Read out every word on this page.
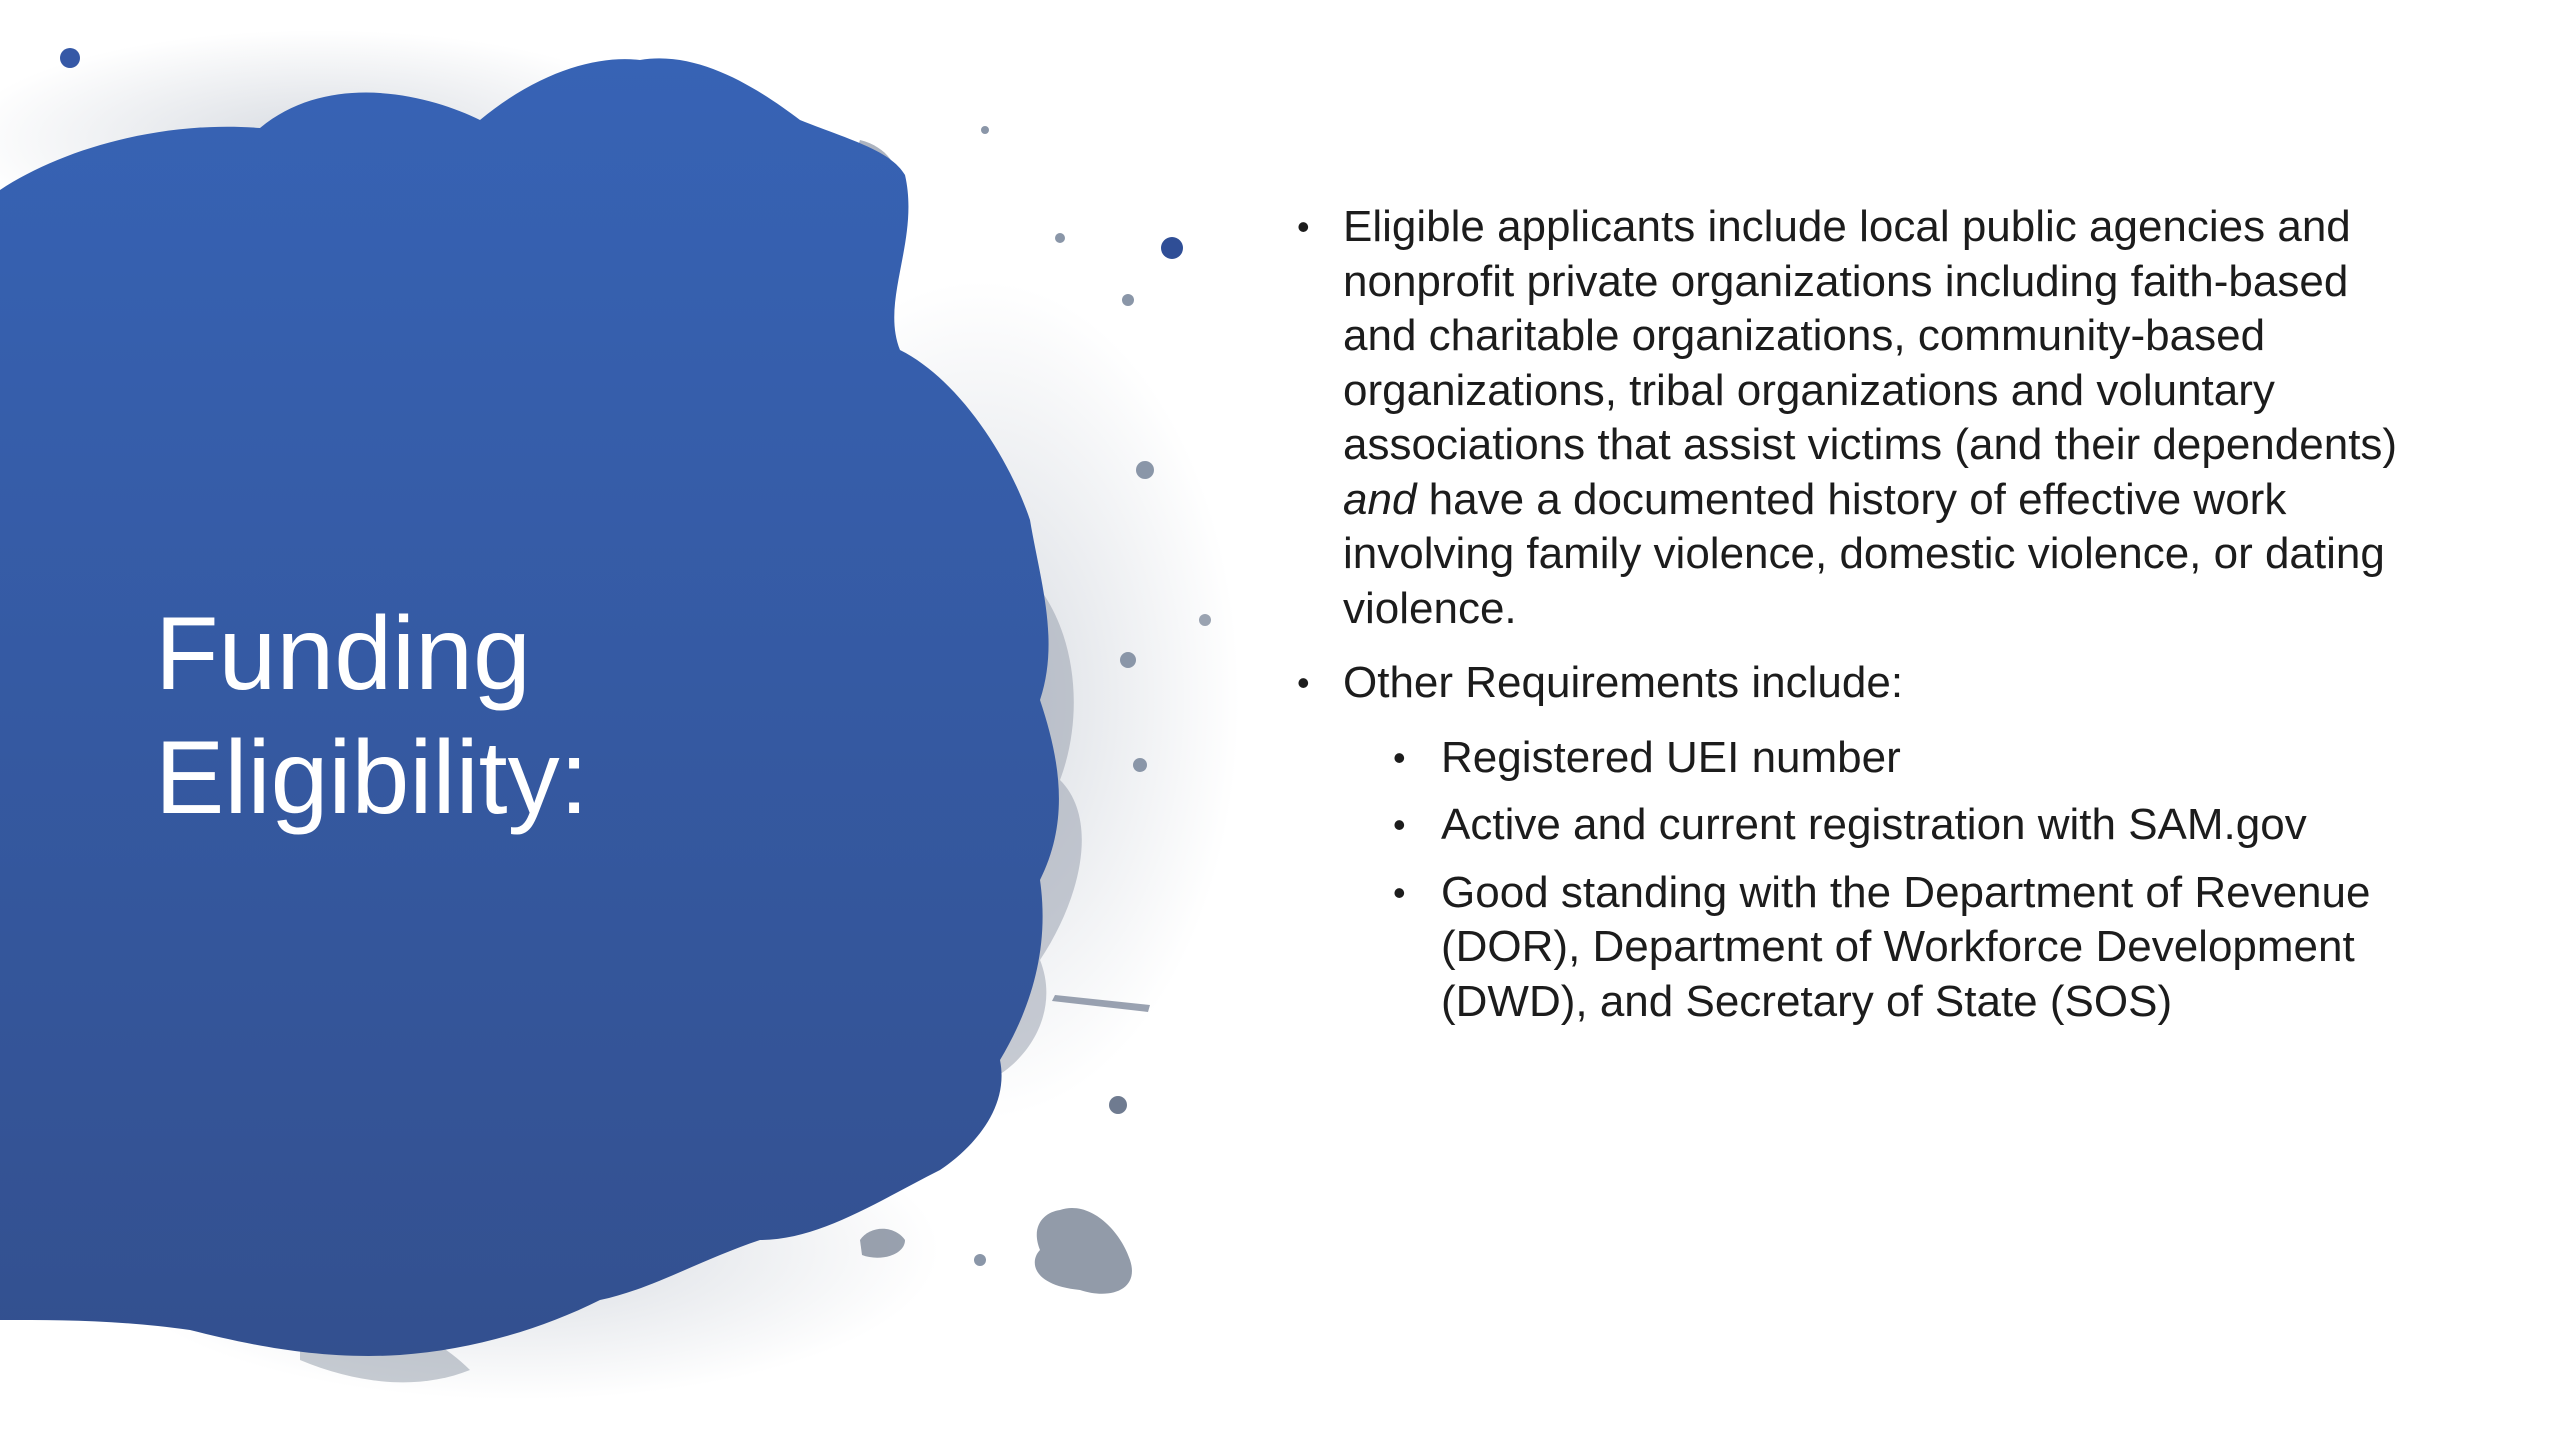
Funding
Eligibility:
• Eligible applicants include local public agencies and nonprofit private organizations including faith-based and charitable organizations, community-based organizations, tribal organizations and voluntary associations that assist victims (and their dependents) and have a documented history of effective work involving family violence, domestic violence, or dating violence.
• Other Requirements include:
• Registered UEI number
• Active and current registration with SAM.gov
• Good standing with the Department of Revenue (DOR), Department of Workforce Development (DWD), and Secretary of State (SOS)
